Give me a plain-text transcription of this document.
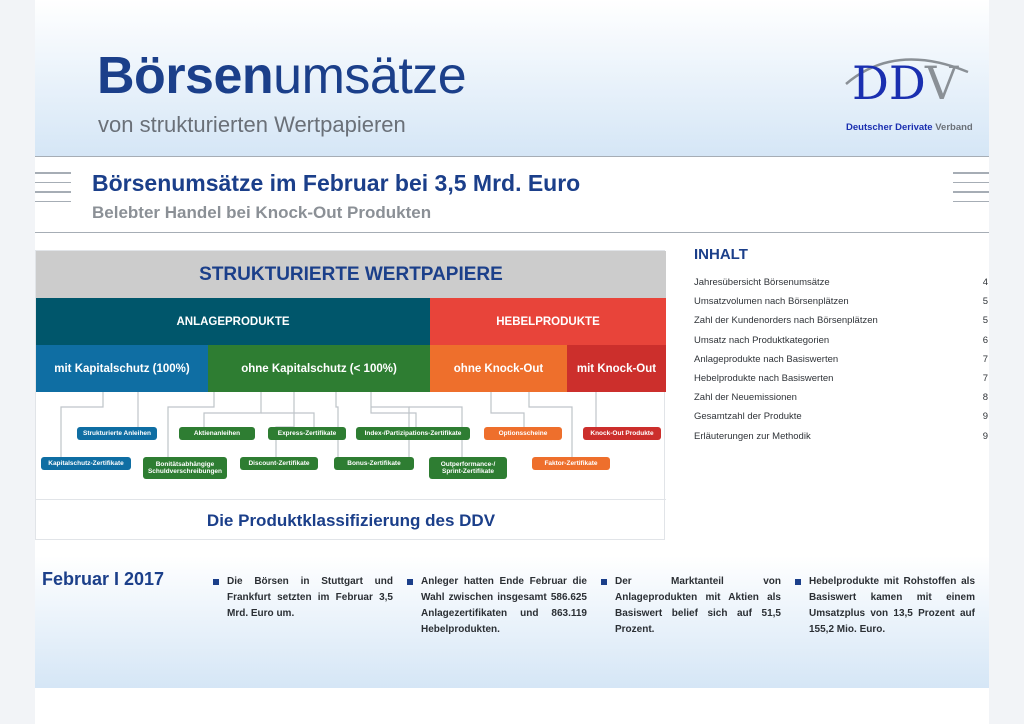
Börsenumsätze
von strukturierten Wertpapieren
DDV
Deutscher Derivate Verband
Börsenumsätze im Februar bei 3,5 Mrd. Euro
Belebter Handel bei Knock-Out Produkten
STRUKTURIERTE WERTPAPIERE
ANLAGEPRODUKTE	HEBELPRODUKTE
mit Kapitalschutz (100%)	ohne Kapitalschutz (< 100%)	ohne Knock-Out	mit Knock-Out
Strukturierte Anleihen
Kapitalschutz-Zertifikate
Aktienanleihen
Bonitätsabhängige
Schuldverschreibungen
Express-Zertifikate
Discount-Zertifikate
Index-/Partizipations-Zertifikate
Bonus-Zertifikate	Outperformance-/
Sprint-Zertifikate
Optionsscheine
Faktor-Zertifikate
Knock-Out Produkte
Die Produktklassifizierung des DDV
INHALT
Jahresübersicht Börsenumsätze	4
Umsatzvolumen nach Börsenplätzen	5
Zahl der Kundenorders nach Börsenplätzen	5
Umsatz nach Produktkategorien	6
Anlageprodukte nach Basiswerten	7
Hebelprodukte nach Basiswerten	7
Zahl der Neuemissionen	8
Gesamtzahl der Produkte	9
Erläuterungen zur Methodik	9
Februar I 2017	Die Börsen in Stuttgart und Frankfurt setzten im Februar 3,5 Mrd. Euro um.
Anleger hatten Ende Februar die Wahl zwischen insgesamt 586.625 Anlagezertifikaten und 863.119 Hebelprodukten.
Der Marktanteil von Anlageprodukten mit Aktien als Basiswert belief sich auf 51,5 Prozent.
Hebelprodukte mit Rohstoffen als Basiswert kamen mit einem Umsatzplus von 13,5 Prozent auf 155,2 Mio. Euro.
